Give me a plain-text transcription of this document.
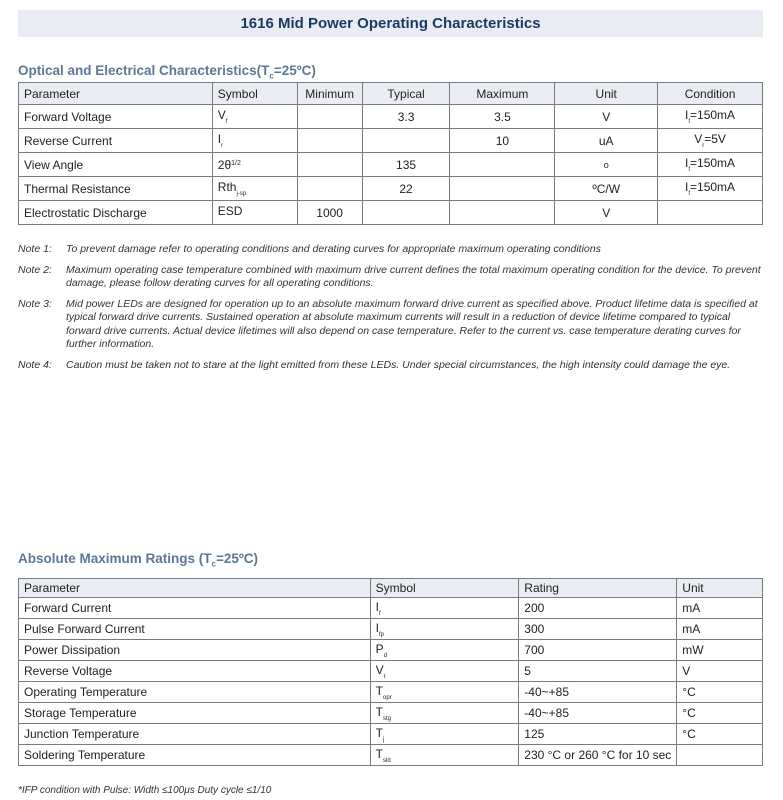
1616 Mid Power Operating Characteristics
Optical and Electrical $Characteristics(T_c=25ºC)$
Parameter	Symbol	Minimum	Typical	Maximum	Unit	Condition
Forward Voltage	$V_f$		3.3	3.5	V	$I_f=150mA$
Reverse Current	$I_r$			10	uA	$V_r=5V$
View Angle	$2\theta^{1/2}$		135		o	$I_f=150mA$
Thermal Resistance	Rth$_{j-sp}$		22		ºC/W	$I_f=150mA$
Electrostatic Discharge	ESD	1000			V	
Note 1:	To prevent damage refer to operating conditions and derating curves for appropriate maximum operating conditions
Note 2:	Maximum operating case temperature combined with maximum drive current defines the total maximum operating condition for the device. To prevent damage, please follow derating curves for all operating conditions.
Note 3:	Mid power LEDs are designed for operation up to an absolute maximum forward drive current as specified above. Product lifetime data is specified at typical forward drive currents. Sustained operation at absolute maximum currents will result in a reduction of device lifetime compared to typical forward drive currents. Actual device lifetimes will also depend on case temperature. Refer to the current vs. case temperature derating curves for further information.
Note 4:	Caution must be taken not to stare at the light emitted from these LEDs. Under special circumstances, the high intensity could damage the eye.
Absolute Maximum Ratings $(T_c=25ºC)$
Parameter	Symbol	Rating	Unit
Forward Current	$I_f$	200	mA
Pulse Forward Current	$I_{fp}$	300	mA
Power Dissipation	$P_d$	700	mW
Reverse Voltage	$V_r$	5	V
Operating Temperature	$T_{opr}$	-40~+85	°C
Storage Temperature	$T_{stg}$	-40~+85	°C
Junction Temperature	$T_j$	125	°C
Soldering Temperature	$T_{sld}$	230 °C or 260 °C for 10 sec	
*IFP condition with Pulse: Width ≤100μs Duty cycle ≤1/10
